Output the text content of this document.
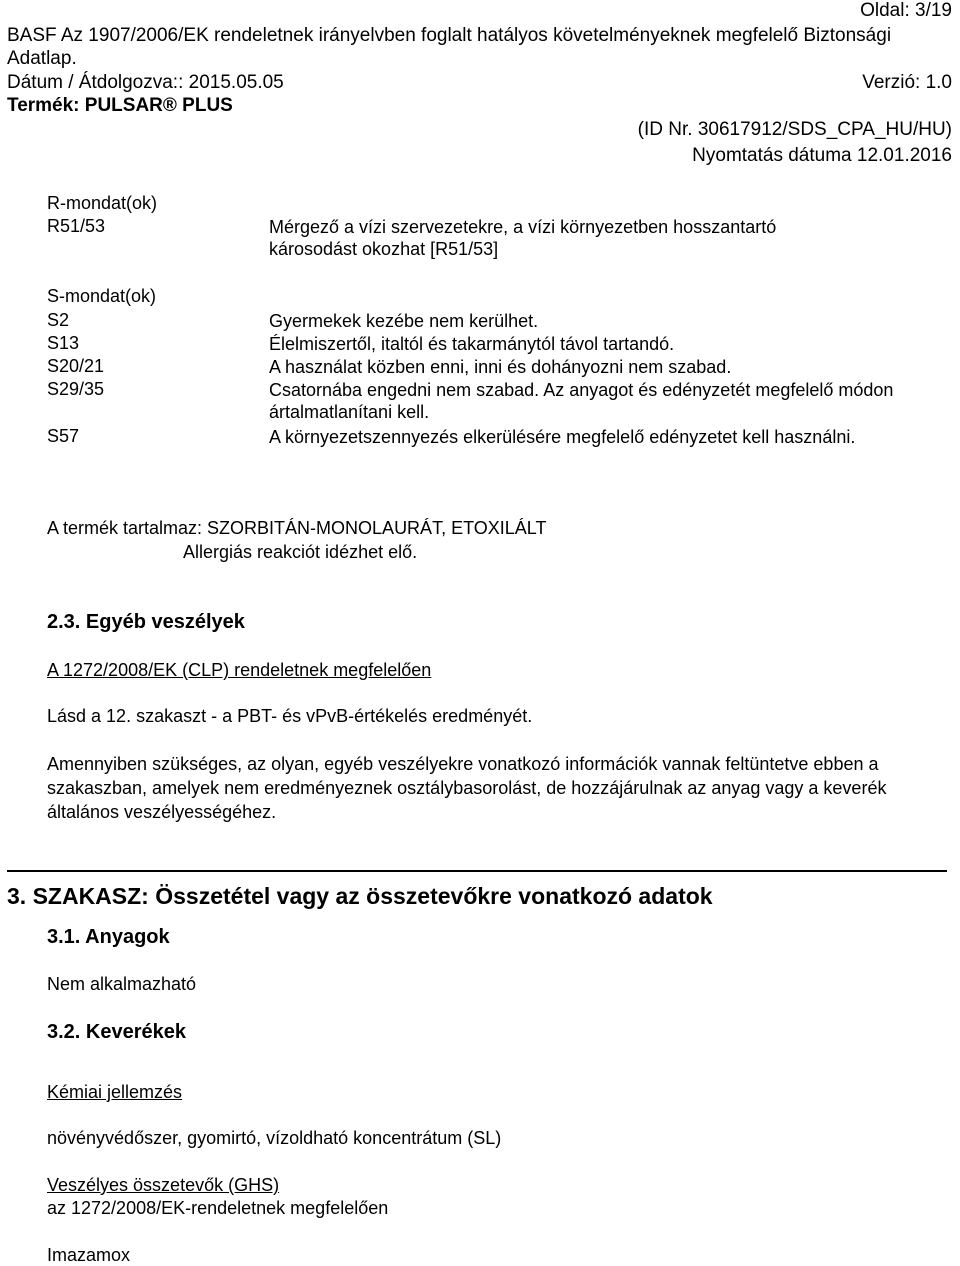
Oldal: 3/19
BASF Az 1907/2006/EK rendeletnek irányelvben foglalt hatályos követelményeknek megfelelő Biztonsági
Adatlap.
Dátum / Átdolgozva:: 2015.05.05	Verzió: 1.0
Termék: PULSAR® PLUS
(ID Nr. 30617912/SDS_CPA_HU/HU)
Nyomtatás dátuma 12.01.2016
R-mondat(ok)
R51/53	Mérgező a vízi szervezetekre, a vízi környezetben hosszantartó károsodást okozhat [R51/53]
S-mondat(ok)
S2	Gyermekek kezébe nem kerülhet.
S13	Élelmiszertől, italtól és takarmánytól távol tartandó.
S20/21	A használat közben enni, inni és dohányozni nem szabad.
S29/35	Csatornába engedni nem szabad. Az anyagot és edényzetét megfelelő módon ártalmatlanítani kell.
S57	A környezetszennyezés elkerülésére megfelelő edényzetet kell használni.
A termék tartalmaz: SZORBITÁN-MONOLAURÁT, ETOXILÁLT
Allergiás reakciót idézhet elő.
2.3. Egyéb veszélyek
A 1272/2008/EK (CLP) rendeletnek megfelelően
Lásd a 12. szakaszt - a PBT- és vPvB-értékelés eredményét.
Amennyiben szükséges, az olyan, egyéb veszélyekre vonatkozó információk vannak feltüntetve ebben a szakaszban, amelyek nem eredményeznek osztálybasorolást, de hozzájárulnak az anyag vagy a keverék általános veszélyességéhez.
3. SZAKASZ: Összetétel vagy az összetevőkre vonatkozó adatok
3.1. Anyagok
Nem alkalmazható
3.2. Keverékek
Kémiai jellemzés
növényvédőszer, gyomirtó, vízoldható koncentrátum (SL)
Veszélyes összetevők (GHS)
az 1272/2008/EK-rendeletnek megfelelően
Imazamox
